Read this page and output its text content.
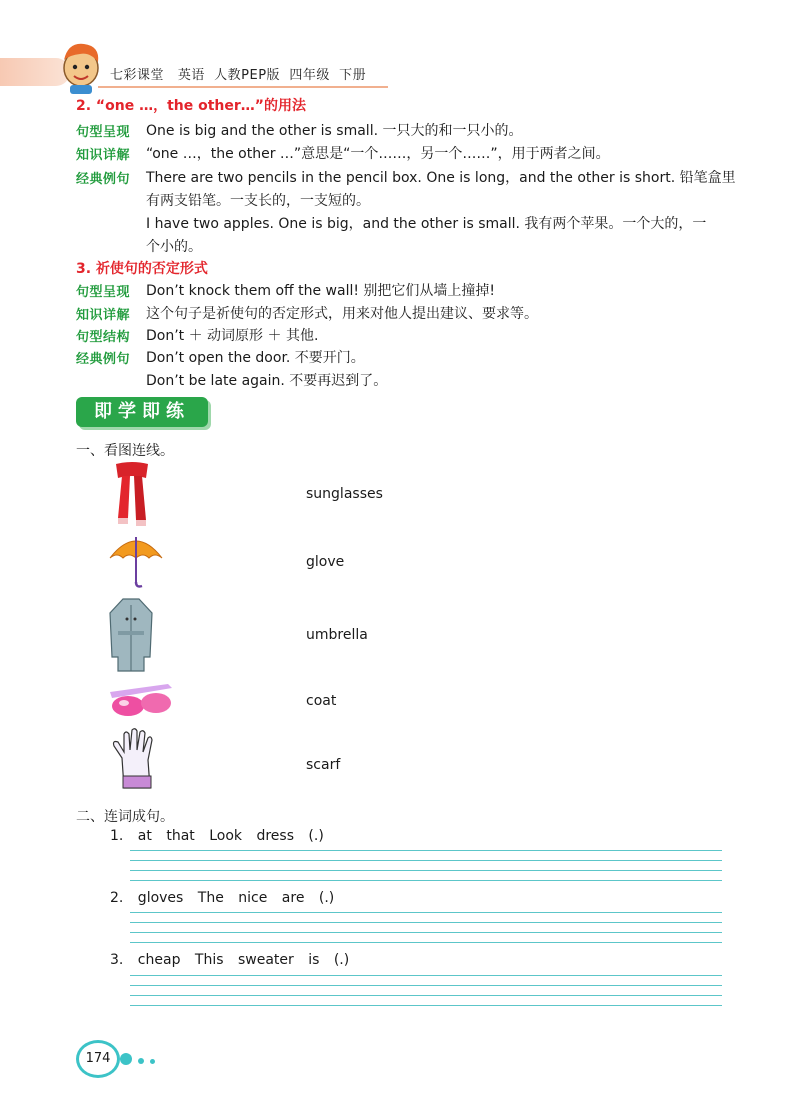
七彩课堂   英语  人教PEP版  四年级  下册
2. “one …，the other…”的用法
句型呈现 One is big and the other is small. 一只大的和一只小的。
知识详解 “one …，the other …”意思是“一个……，另一个……”，用于两者之间。
经典例句 There are two pencils in the pencil box. One is long，and the other is short. 铅笔盒里
有两支铅笔。一支长的，一支短的。
I have two apples. One is big，and the other is small. 我有两个苹果。一个大的，一
个小的。
3. 祈使句的否定形式
句型呈现 Don’t knock them off the wall! 别把它们从墙上撞掉!
知识详解 这个句子是祈使句的否定形式，用来对他人提出建议、要求等。
句型结构 Don’t ＋ 动词原形 ＋ 其他.
经典例句 Don’t open the door. 不要开门。
Don’t be late again. 不要再迟到了。
即学即练
一、看图连线。
sunglasses
glove
umbrella
coat
scarf
二、连词成句。
1. at that Look dress (.)
2. gloves The nice are (.)
3. cheap This sweater is (.)
174
